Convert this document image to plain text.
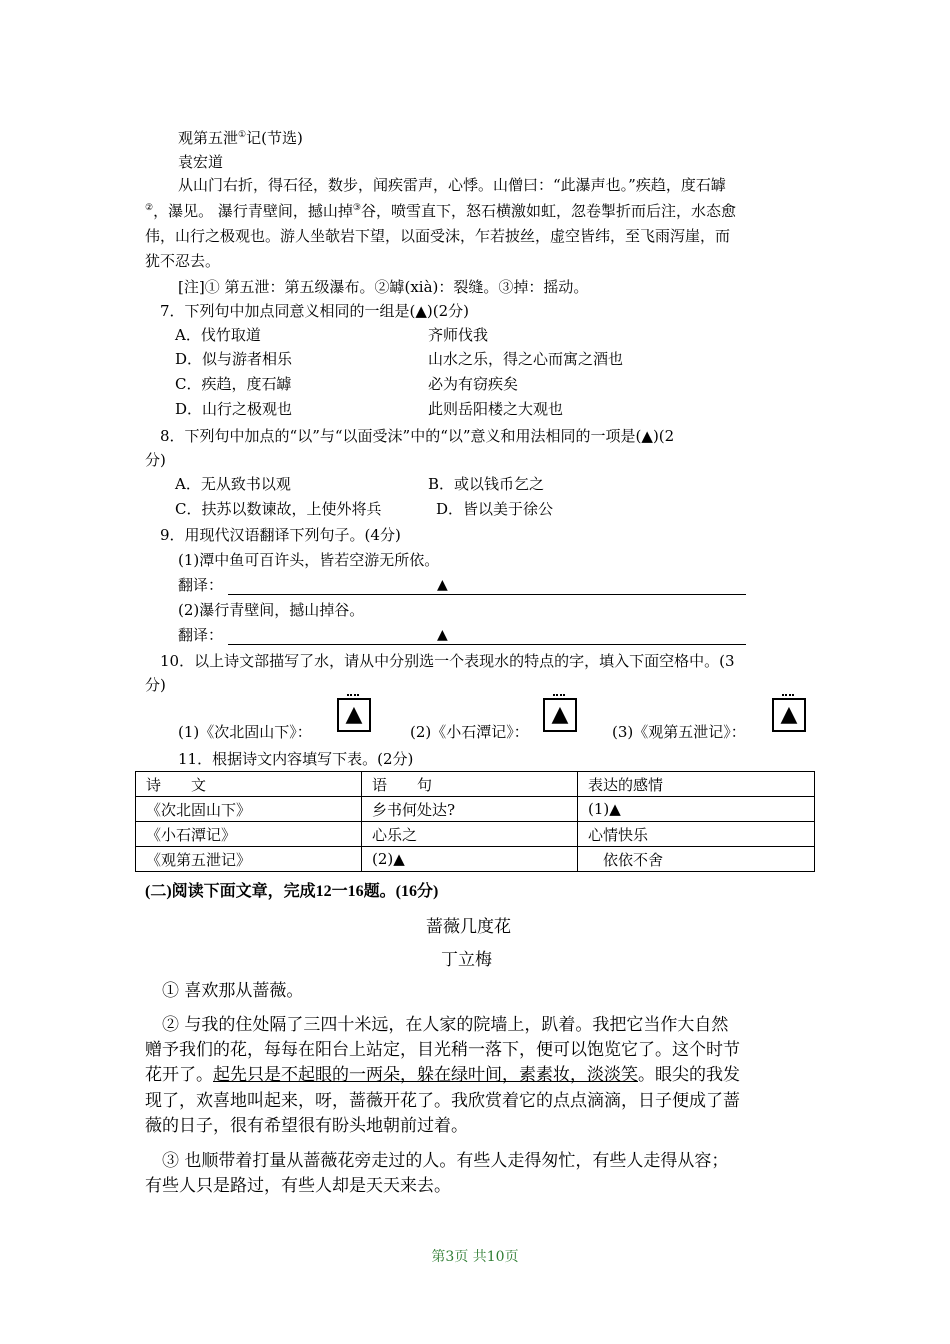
观第五泄①记(节选)
袁宏道
从山门右折，得石径，数步，闻疾雷声，心悸。山僧曰：“此瀑声也。”疾趋，度石罅
②，瀑见。 瀑行青壁间，撼山掉③谷，喷雪直下，怒石横激如虹，忽卷掣折而后注，水态愈
伟，山行之极观也。游人坐欹岩下望，以面受沫，乍若披丝，虚空皆纬，至飞雨泻崖，而
犹不忍去。
[注]① 第五泄：第五级瀑布。②罅(xià)：裂缝。③掉：摇动。
7．下列句中加点同意义相同的一组是(▲)(2分)
A．伐竹取道	齐师伐我
D．似与游者相乐	山水之乐，得之心而寓之酒也
C．疾趋，度石罅	必为有窃疾矣
D．山行之极观也	此则岳阳楼之大观也
8．下列句中加点的“以”与“以面受沫”中的“以”意义和用法相同的一项是(▲)(2
分)
A．无从致书以观	B．或以钱币乞之
C．扶苏以数谏故，上使外将兵	D．皆以美于徐公
9．用现代汉语翻译下列句子。(4分)
(1)潭中鱼可百许头，皆若空游无所依。
翻译：	▲
(2)瀑行青壁间，撼山掉谷。
翻译：	▲
10．以上诗文部描写了水，请从中分别选一个表现水的特点的字，填入下面空格中。(3
分)
(1)《次北固山下》：
▲
(2)《小石潭记》：
▲
(3)《观第五泄记》：
▲
11．根据诗文内容填写下表。(2分)
诗　　文	语　　句	表达的感情
《次北固山下》	乡书何处达?	(1)▲
《小石潭记》	心乐之	心情快乐
《观第五泄记》	(2)▲	　依依不舍
(二)阅读下面文章，完成12一16题。(16分)
蔷薇几度花
丁立梅
① 喜欢那从蔷薇。
② 与我的住处隔了三四十米远，在人家的院墙上，趴着。我把它当作大自然
赠予我们的花，每每在阳台上站定，目光稍一落下，便可以饱览它了。这个时节
花开了。起先只是不起眼的一两朵，躲在绿叶间，素素妆，淡淡笑。眼尖的我发
现了，欢喜地叫起来，呀，蔷薇开花了。我欣赏着它的点点滴滴，日子便成了蔷
薇的日子，很有希望很有盼头地朝前过着。
③ 也顺带着打量从蔷薇花旁走过的人。有些人走得匆忙，有些人走得从容；
有些人只是路过，有些人却是天天来去。
第3页 共10页
